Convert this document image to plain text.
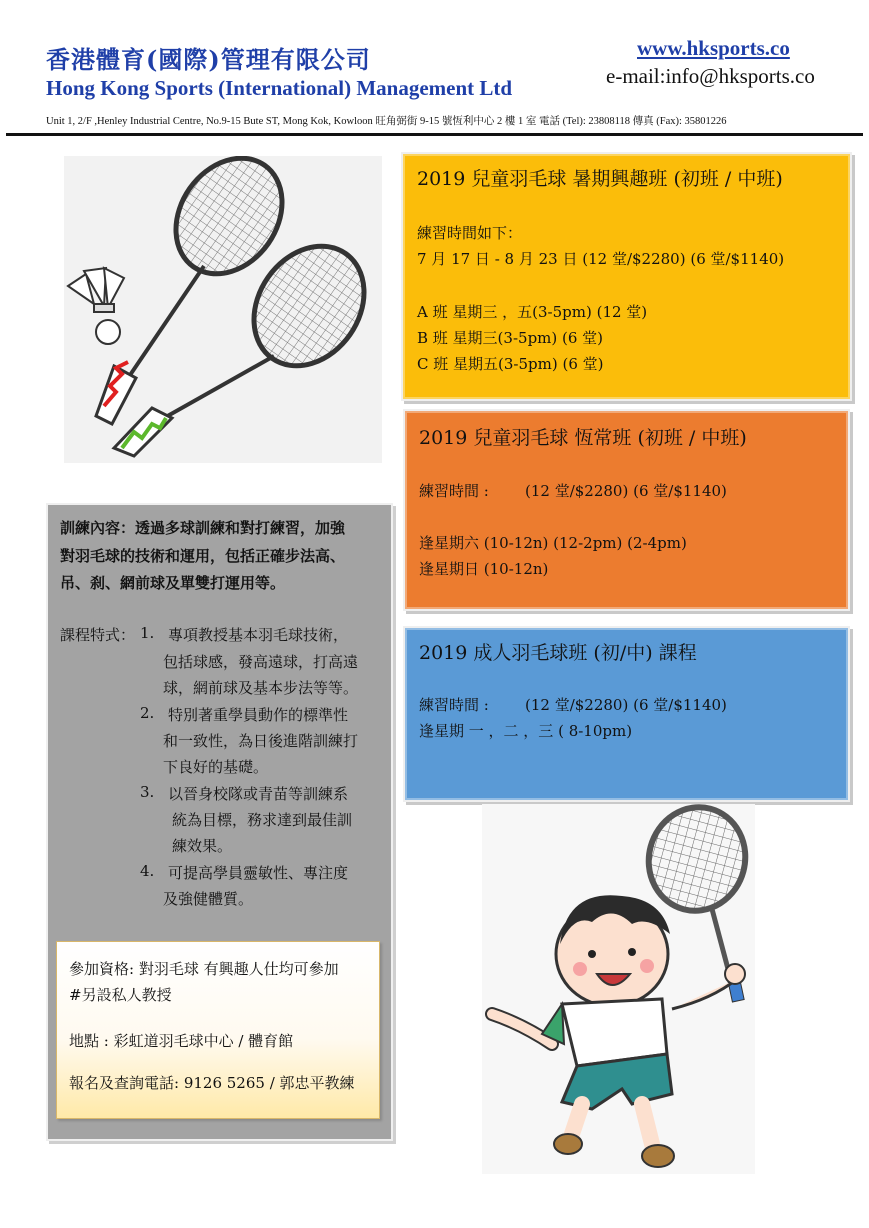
香港體育(國際)管理有限公司
Hong Kong Sports (International) Management Ltd
www.hksports.co
e-mail:info@hksports.co
Unit 1, 2/F ,Henley Industrial Centre, No.9-15 Bute ST, Mong Kok, Kowloon 旺角弼街 9-15 號恆利中心 2 樓 1 室 電話 (Tel): 23808118 傳真 (Fax): 35801226
2019 兒童羽毛球 暑期興趣班 (初班 / 中班)
練習時間如下：
7 月 17 日 - 8 月 23 日 (12 堂/$2280) (6 堂/$1140)
A 班 星期三 ，五(3-5pm) (12 堂)
B 班 星期三(3-5pm) (6 堂)
C 班 星期五(3-5pm) (6 堂)
2019 兒童羽毛球 恆常班 (初班 / 中班)
練習時間 : (12 堂/$2280) (6 堂/$1140)
逢星期六 (10-12n) (12-2pm) (2-4pm)
逢星期日 (10-12n)
2019 成人羽毛球班 (初/中) 課程
練習時間 : (12 堂/$2280) (6 堂/$1140)
逢星期 一 ，二 ，三 ( 8-10pm)
訓練內容：透過多球訓練和對打練習，加強
對羽毛球的技術和運用，包括正確步法高、
吊、刹、網前球及單雙打運用等。
課程特式： 1. 專項教授基本羽毛球技術，
包括球感，發高遠球，打高遠
球，網前球及基本步法等等。
2. 特別著重學員動作的標準性
和一致性，為日後進階訓練打
下良好的基礎。
3. 以晉身校隊或青苗等訓練系
統為目標，務求達到最佳訓
練效果。
4. 可提高學員靈敏性、專注度
及強健體質。
參加資格: 對羽毛球 有興趣人仕均可參加
#另設私人教授
地點 : 彩虹道羽毛球中心 / 體育館
報名及查詢電話: 9126 5265 / 郭忠平教練
